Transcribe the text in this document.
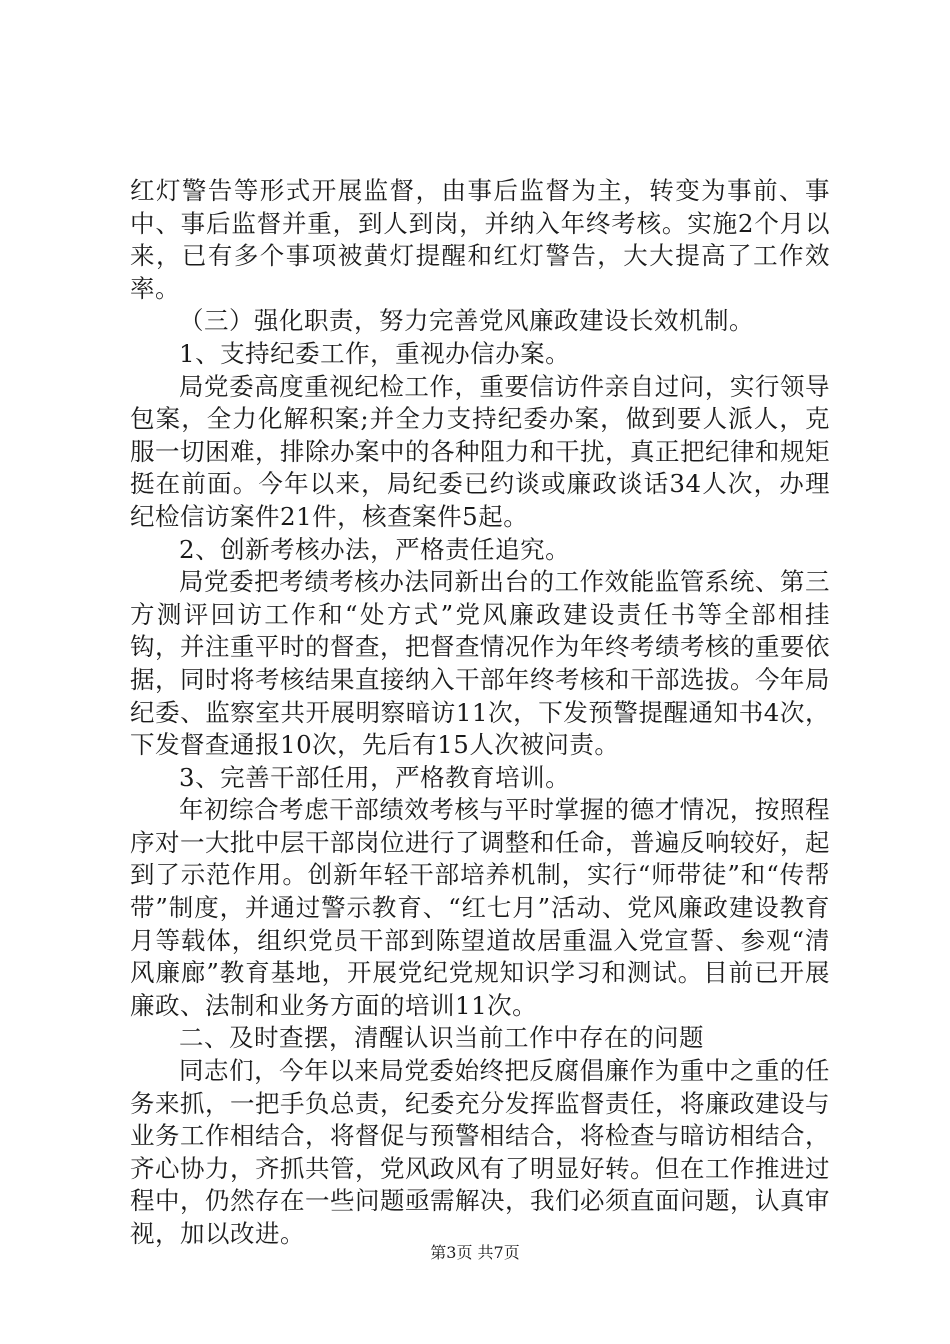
红灯警告等形式开展监督，由事后监督为主，转变为事前、事中、事后监督并重，到人到岗，并纳入年终考核。实施2个月以来，已有多个事项被黄灯提醒和红灯警告，大大提高了工作效率。

（三）强化职责，努力完善党风廉政建设长效机制。

1、支持纪委工作，重视办信办案。

局党委高度重视纪检工作，重要信访件亲自过问，实行领导包案，全力化解积案;并全力支持纪委办案，做到要人派人，克服一切困难，排除办案中的各种阻力和干扰，真正把纪律和规矩挺在前面。今年以来，局纪委已约谈或廉政谈话34人次，办理纪检信访案件21件，核查案件5起。

2、创新考核办法，严格责任追究。

局党委把考绩考核办法同新出台的工作效能监管系统、第三方测评回访工作和“处方式”党风廉政建设责任书等全部相挂钩，并注重平时的督查，把督查情况作为年终考绩考核的重要依据，同时将考核结果直接纳入干部年终考核和干部选拔。今年局纪委、监察室共开展明察暗访11次，下发预警提醒通知书4次，下发督查通报10次，先后有15人次被问责。

3、完善干部任用，严格教育培训。

年初综合考虑干部绩效考核与平时掌握的德才情况，按照程序对一大批中层干部岗位进行了调整和任命，普遍反响较好，起到了示范作用。创新年轻干部培养机制，实行“师带徒”和“传帮带”制度，并通过警示教育、“红七月”活动、党风廉政建设教育月等载体，组织党员干部到陈望道故居重温入党宣誓、参观“清风廉廊”教育基地，开展党纪党规知识学习和测试。目前已开展廉政、法制和业务方面的培训11次。

二、及时查摆，清醒认识当前工作中存在的问题

同志们，今年以来局党委始终把反腐倡廉作为重中之重的任务来抓，一把手负总责，纪委充分发挥监督责任，将廉政建设与业务工作相结合，将督促与预警相结合，将检查与暗访相结合，齐心协力，齐抓共管，党风政风有了明显好转。但在工作推进过程中，仍然存在一些问题亟需解决，我们必须直面问题，认真审视，加以改进。

第3页 共7页
